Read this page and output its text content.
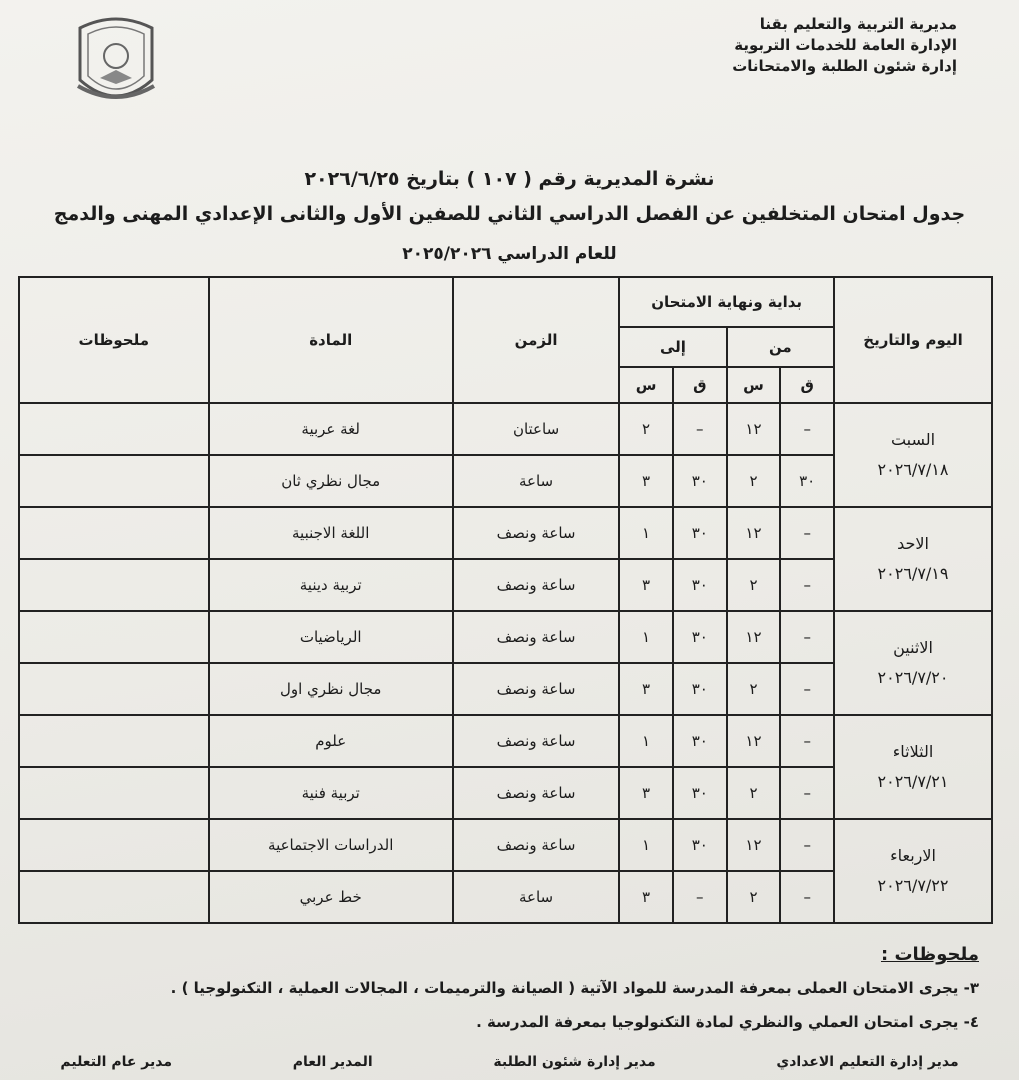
مديرية التربية والتعليم بقنا
الإدارة العامة للخدمات التربوية
إدارة شئون الطلبة والامتحانات
نشرة المديرية رقم ( ١٠٧ ) بتاريخ ٢٠٢٦/٦/٢٥
جدول امتحان المتخلفين عن الفصل الدراسي الثاني للصفين الأول والثانى الإعدادي المهنى والدمج
للعام الدراسي ٢٠٢٥/٢٠٢٦
اليوم والتاريخ	بداية ونهاية الامتحان				الزمن	المادة	ملحوظات
	من		إلى				
	ق	س	ق	س			

السبت
٢٠٢٦/٧/١٨	–	١٢	–	٢	ساعتان	لغة عربية	
	٣٠	٢	٣٠	٣	ساعة	مجال نظري ثان	

الاحد
٢٠٢٦/٧/١٩	–	١٢	٣٠	١	ساعة ونصف	اللغة الاجنبية	
	–	٢	٣٠	٣	ساعة ونصف	تربية دينية	

الاثنين
٢٠٢٦/٧/٢٠	–	١٢	٣٠	١	ساعة ونصف	الرياضيات	
	–	٢	٣٠	٣	ساعة ونصف	مجال نظري اول	

الثلاثاء
٢٠٢٦/٧/٢١	–	١٢	٣٠	١	ساعة ونصف	علوم	
	–	٢	٣٠	٣	ساعة ونصف	تربية فنية	

الاربعاء
٢٠٢٦/٧/٢٢	–	١٢	٣٠	١	ساعة ونصف	الدراسات الاجتماعية	
	–	٢	–	٣	ساعة	خط عربي	
ملحوظات :
٣- يجرى الامتحان العملى بمعرفة المدرسة للمواد الآتية ( الصيانة والترميمات ، المجالات العملية ، التكنولوجيا ) .
٤- يجرى امتحان العملي والنظري لمادة التكنولوجيا بمعرفة المدرسة .
مدير إدارة التعليم الاعدادي
مدير إدارة شئون الطلبة
المدير العام
مدير عام التعليم
